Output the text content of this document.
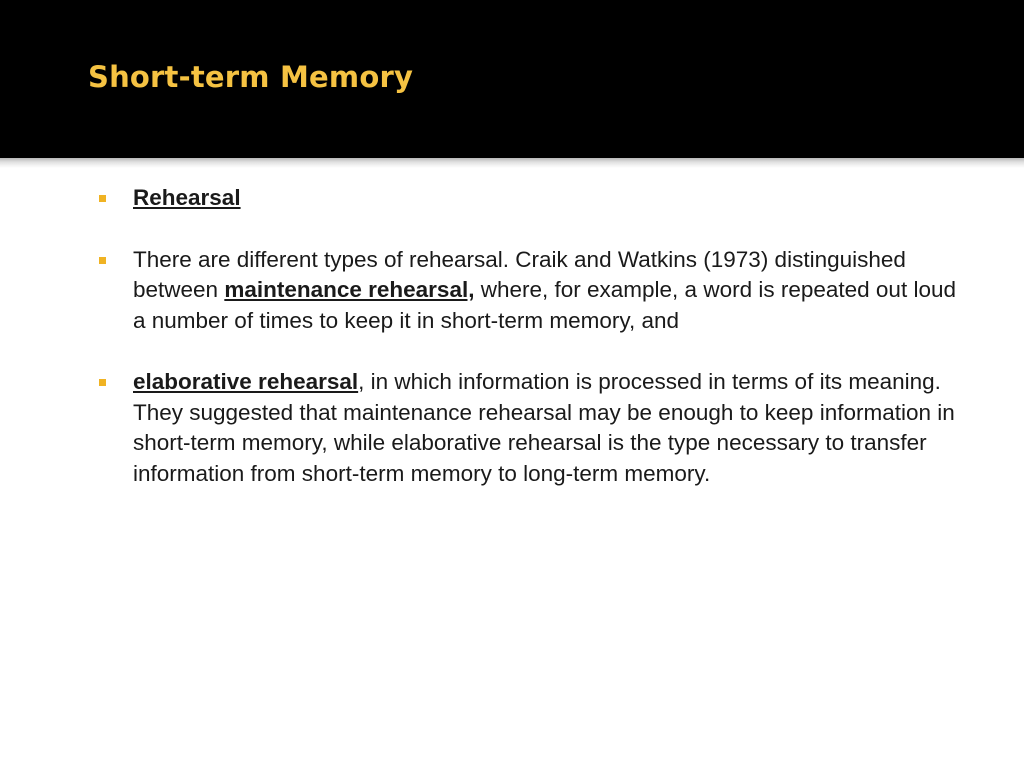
Short-term Memory
Rehearsal
There are different types of rehearsal. Craik and Watkins (1973) distinguished between maintenance rehearsal, where, for example, a word is repeated out loud a number of times to keep it in short-term memory, and
elaborative rehearsal, in which information is processed in terms of its meaning. They suggested that maintenance rehearsal may be enough to keep information in short-term memory, while elaborative rehearsal is the type necessary to transfer information from short-term memory to long-term memory.
